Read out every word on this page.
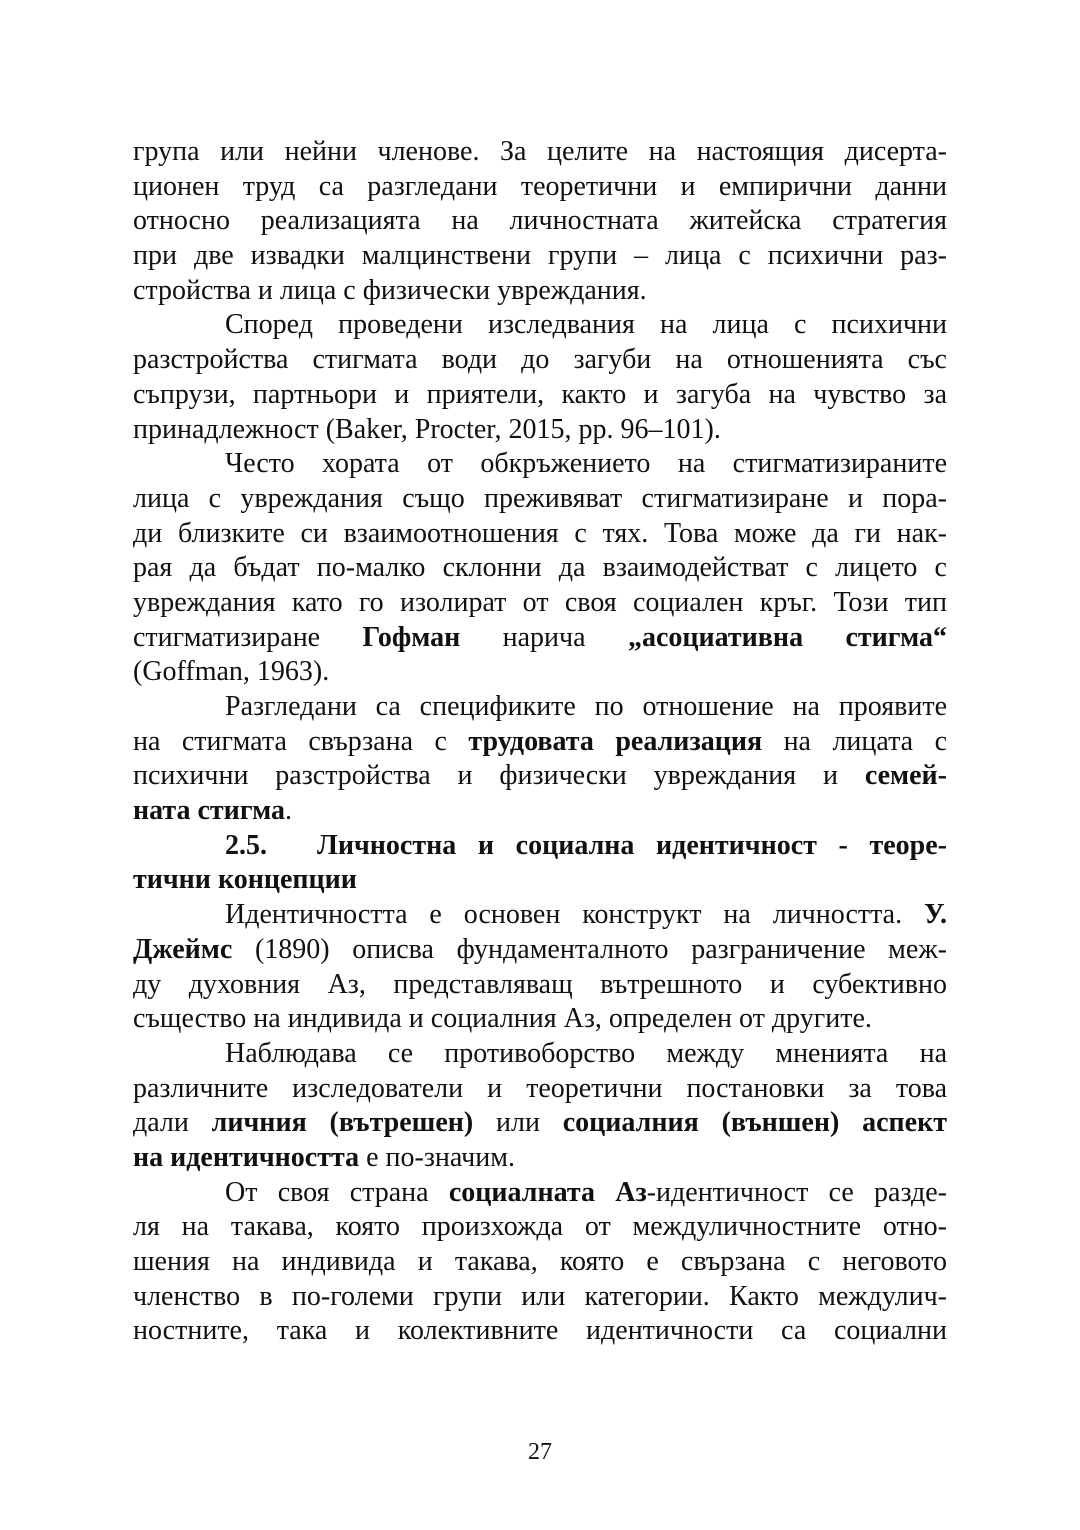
група или нейни членове. За целите на настоящия дисерта-
ционен труд са разгледани теоретични и емпирични данни
относно реализацията на личностната житейска стратегия
при две извадки малцинствени групи – лица с психични раз-
стройства и лица с физически увреждания.
Според проведени изследвания на лица с психични
разстройства стигмата води до загуби на отношенията със
съпрузи, партньори и приятели, както и загуба на чувство за
принадлежност (Baker, Procter, 2015, pp. 96–101).
Често хората от обкръжението на стигматизираните
лица с увреждания също преживяват стигматизиране и пора-
ди близките си взаимоотношения с тях. Това може да ги нак-
рая да бъдат по-малко склонни да взаимодействат с лицето с
увреждания като го изолират от своя социален кръг. Този тип
стигматизиране Гофман нарича „асоциативна стигма“
(Goffman, 1963).
Разгледани са спецификите по отношение на проявите
на стигмата свързана с трудовата реализация на лицата с
психични разстройства и физически увреждания и семей-
ната стигма.
2.5. Личностна и социална идентичност - теоре-
тични концепции
Идентичността е основен конструкт на личността. У.
Джеймс (1890) описва фундаменталното разграничение меж-
ду духовния Аз, представляващ вътрешното и субективно
същество на индивида и социалния Аз, определен от другите.
Наблюдава се противоборство между мненията на
различните изследователи и теоретични постановки за това
дали личния (вътрешен) или социалния (външен) аспект
на идентичността е по-значим.
От своя страна социалната Аз-идентичност се разде-
ля на такава, която произхожда от междуличностните отно-
шения на индивида и такава, която е свързана с неговото
членство в по-големи групи или категории. Както междулич-
ностните, така и колективните идентичности са социални
27
